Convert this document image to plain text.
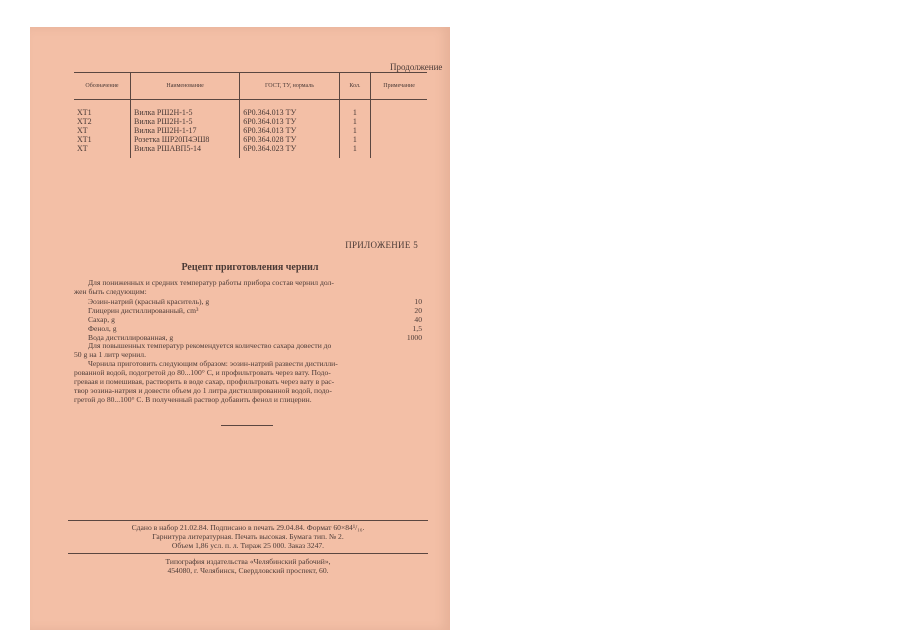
Продолжение
Обозначение	Наименование	ГОСТ, ТУ, нормаль	Кол.	Примечание
XT1	Вилка РШ2Н-1-5	6Р0.364.013 ТУ	1	
XT2	Вилка РШ2Н-1-5	6Р0.364.013 ТУ	1	
XT	Вилка РШ2Н-1-17	6Р0.364.013 ТУ	1	
XT1	Розетка ШР20П4ЭШ8	6Р0.364.028 ТУ	1	
XT	Вилка РШАВП5-14	6Р0.364.023 ТУ	1	
ПРИЛОЖЕНИЕ 5
Рецепт приготовления чернил
Для пониженных и средних температур работы прибора состав чернил дол-
жен быть следующим:
Эозин-натрий (красный краситель), g	10
Глицерин дистиллированный, cm³	20
Сахар, g	40
Фенол, g	1,5
Вода дистиллированная, g	1000
Для повышенных температур рекомендуется количество сахара довести до
50 g на 1 литр чернил.
Чернила приготовить следующим образом: эозин-натрий развести дистилли-
рованной водой, подогретой до 80...100° С, и профильтровать через вату. Подо-
греваая и помешивая, растворить в воде сахар, профильтровать через вату в рас-
твор эозина-натрия и довести объем до 1 литра дистиллированной водой, подо-
гретой до 80...100° С. В полученный раствор добавить фенол и глицерин.
Сдано в набор 21.02.84. Подписано в печать 29.04.84. Формат 60×84¹/₁₆.
Гарнитура литературная. Печать высокая. Бумага тип. № 2.
Объем 1,86 усл. п. л. Тираж 25 000. Заказ 3247.
Типография издательства «Челябинский рабочий»,
454080, г. Челябинск, Свердловский проспект, 60.
